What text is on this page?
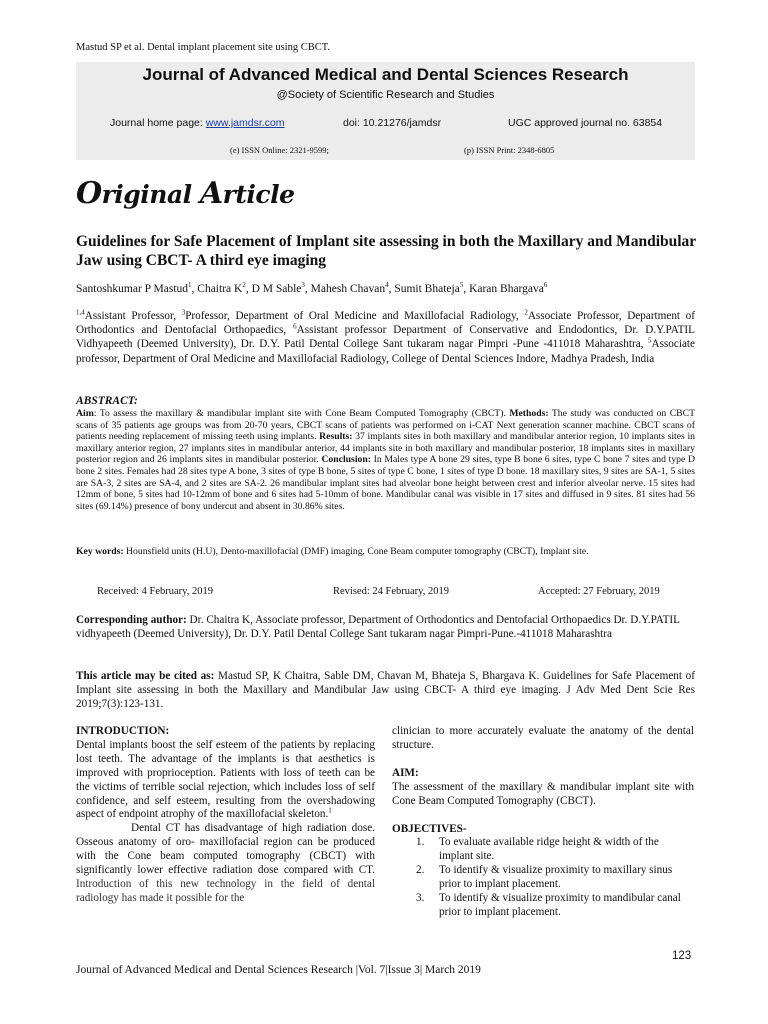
Mastud SP et al. Dental implant placement site using CBCT.
Journal of Advanced Medical and Dental Sciences Research
@Society of Scientific Research and Studies
Journal home page: www.jamdsr.com	doi: 10.21276/jamdsr	UGC approved journal no. 63854
(e) ISSN Online: 2321-9599;	(p) ISSN Print: 2348-6805
Original Article
Guidelines for Safe Placement of Implant site assessing in both the Maxillary and Mandibular Jaw using CBCT- A third eye imaging
Santoshkumar P Mastud$^1$, Chaitra $K^2$, D M Sable$^3$, Mahesh Chavan$^4$, Sumit Bhateja$^5$, Karan Bhargava$^6$
$^{1,4}$Assistant Professor, $^3$Professor, Department of Oral Medicine and Maxillofacial Radiology, $^2$Associate Professor, Department of Orthodontics and Dentofacial Orthopaedics, $^6$Assistant professor Department of Conservative and Endodontics, Dr. D.Y.PATIL Vidhyapeeth (Deemed University), Dr. D.Y. Patil Dental College Sant tukaram nagar Pimpri -Pune -411018 Maharashtra, $^5$Associate professor, Department of Oral Medicine and Maxillofacial Radiology, College of Dental Sciences Indore, Madhya Pradesh, India
ABSTRACT:
Aim: To assess the maxillary & mandibular implant site with Cone Beam Computed Tomography (CBCT). Methods: The study was conducted on CBCT scans of 35 patients age groups was from 20-70 years, CBCT scans of patients was performed on i-CAT Next generation scanner machine. CBCT scans of patients needing replacement of missing teeth using implants. Results: 37 implants sites in both maxillary and mandibular anterior region, 10 implants sites in maxillary anterior region, 27 implants sites in mandibular anterior, 44 implants site in both maxillary and mandibular posterior, 18 implants sites in maxillary posterior region and 26 implants sites in mandibular posterior. Conclusion: In Males type A bone 29 sites, type B bone 6 sites, type C bone 7 sites and type D bone 2 sites. Females had 28 sites type A bone, 3 sites of type B bone, 5 sites of type C bone, 1 sites of type D bone. 18 maxillary sites, 9 sites are SA-1, 5 sites are SA-3, 2 sites are SA-4, and 2 sites are SA-2. 26 mandibular implant sites had alveolar bone height between crest and inferior alveolar nerve. 15 sites had 12mm of bone, 5 sites had 10-12mm of bone and 6 sites had 5-10mm of bone. Mandibular canal was visible in 17 sites and diffused in 9 sites. 81 sites had 56 sites (69.14%) presence of bony undercut and absent in 30.86% sites.
Key words: Hounsfield units (H.U), Dento-maxillofacial (DMF) imaging, Cone Beam computer tomography (CBCT), Implant site.
Received: 4 February, 2019	Revised: 24 February, 2019	Accepted: 27 February, 2019
Corresponding author: Dr. Chaitra K, Associate professor, Department of Orthodontics and Dentofacial Orthopaedics Dr. D.Y.PATIL vidhyapeeth (Deemed University), Dr. D.Y. Patil Dental College Sant tukaram nagar Pimpri-Pune.-411018 Maharashtra
This article may be cited as: Mastud SP, K Chaitra, Sable DM, Chavan M, Bhateja S, Bhargava K. Guidelines for Safe Placement of Implant site assessing in both the Maxillary and Mandibular Jaw using CBCT- A third eye imaging. J Adv Med Dent Scie Res 2019;7(3):123-131.
INTRODUCTION:

Dental implants boost the self esteem of the patients by replacing lost teeth. The advantage of the implants is that aesthetics is improved with proprioception. Patients with loss of teeth can be the victims of terrible social rejection, which includes loss of self confidence, and self esteem, resulting from the overshadowing aspect of endpoint atrophy of the maxillofacial skeleton.$^1$

Dental CT has disadvantage of high radiation dose. Osseous anatomy of oro- maxillofacial region can be produced with the Cone beam computed tomography (CBCT) with significantly lower effective radiation dose compared with CT. Introduction of this new technology in the field of dental radiology has made it possible for the

clinician to more accurately evaluate the anatomy of the dental structure.

AIM:

The assessment of the maxillary & mandibular implant site with Cone Beam Computed Tomography (CBCT).

OBJECTIVES-
1. To evaluate available ridge height & width of the implant site.
2. To identify & visualize proximity to maxillary sinus prior to implant placement.
3. To identify & visualize proximity to mandibular canal prior to implant placement.
123
Journal of Advanced Medical and Dental Sciences Research |Vol. 7|Issue 3| March 2019
